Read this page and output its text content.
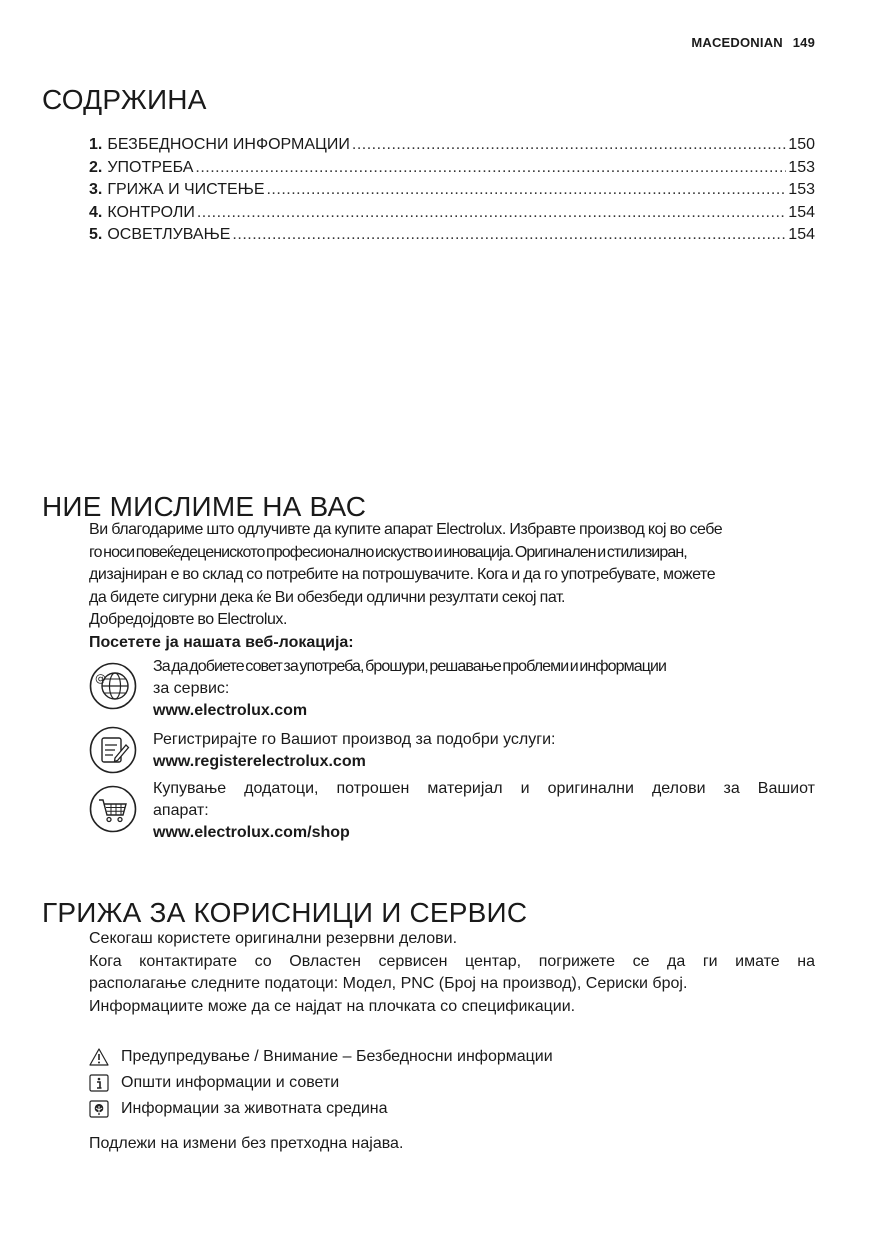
MACEDONIAN 149
СОДРЖИНА
1. БЕЗБЕДНОСНИ ИНФОРМАЦИИ .....	150
2. УПОТРЕБА .....	153
3. ГРИЖА И ЧИСТЕЊЕ .....	153
4. КОНТРОЛИ .....	154
5. ОСВЕТЛУВАЊЕ .....	154
НИЕ МИСЛИМЕ НА ВАС

Ви благодариме што одлучивте да купите апарат Electrolux. Избравте производ кој во себе

го носи повеќедецениското професионално искуство и иновација. Оригинален и стилизиран,

дизајниран е во склад со потребите на потрошувачите. Кога и да го употребувате, можете

да бидете сигурни дека ќе Ви обезбеди одлични резултати секој пат.

Добредојдовте во Electrolux.

Посетете ја нашата веб-локација:

@
За да добиете совет за употреба, брошури, решавање проблеми и информации
за сервис:
www.electrolux.com
Регистрирајте го Вашиот производ за подобри услуги:
www.registerelectrolux.com
Купување додатоци, потрошен материјал и оригинални делови за Вашиот
апарат:
www.electrolux.com/shop
ГРИЖА ЗА КОРИСНИЦИ И СЕРВИС

Секогаш користете оригинални резервни делови.

Кога контактирате со Овластен сервисен центар, погрижете се да ги имате на

располагање следните податоци: Модел, PNC (Број на производ), Сериски број.

Информациите може да се најдат на плочката со спецификации.

Предупредување / Внимание – Безбедносни информации
Општи информации и совети
Информации за животната средина
Подлежи на измени без претходна најава.
